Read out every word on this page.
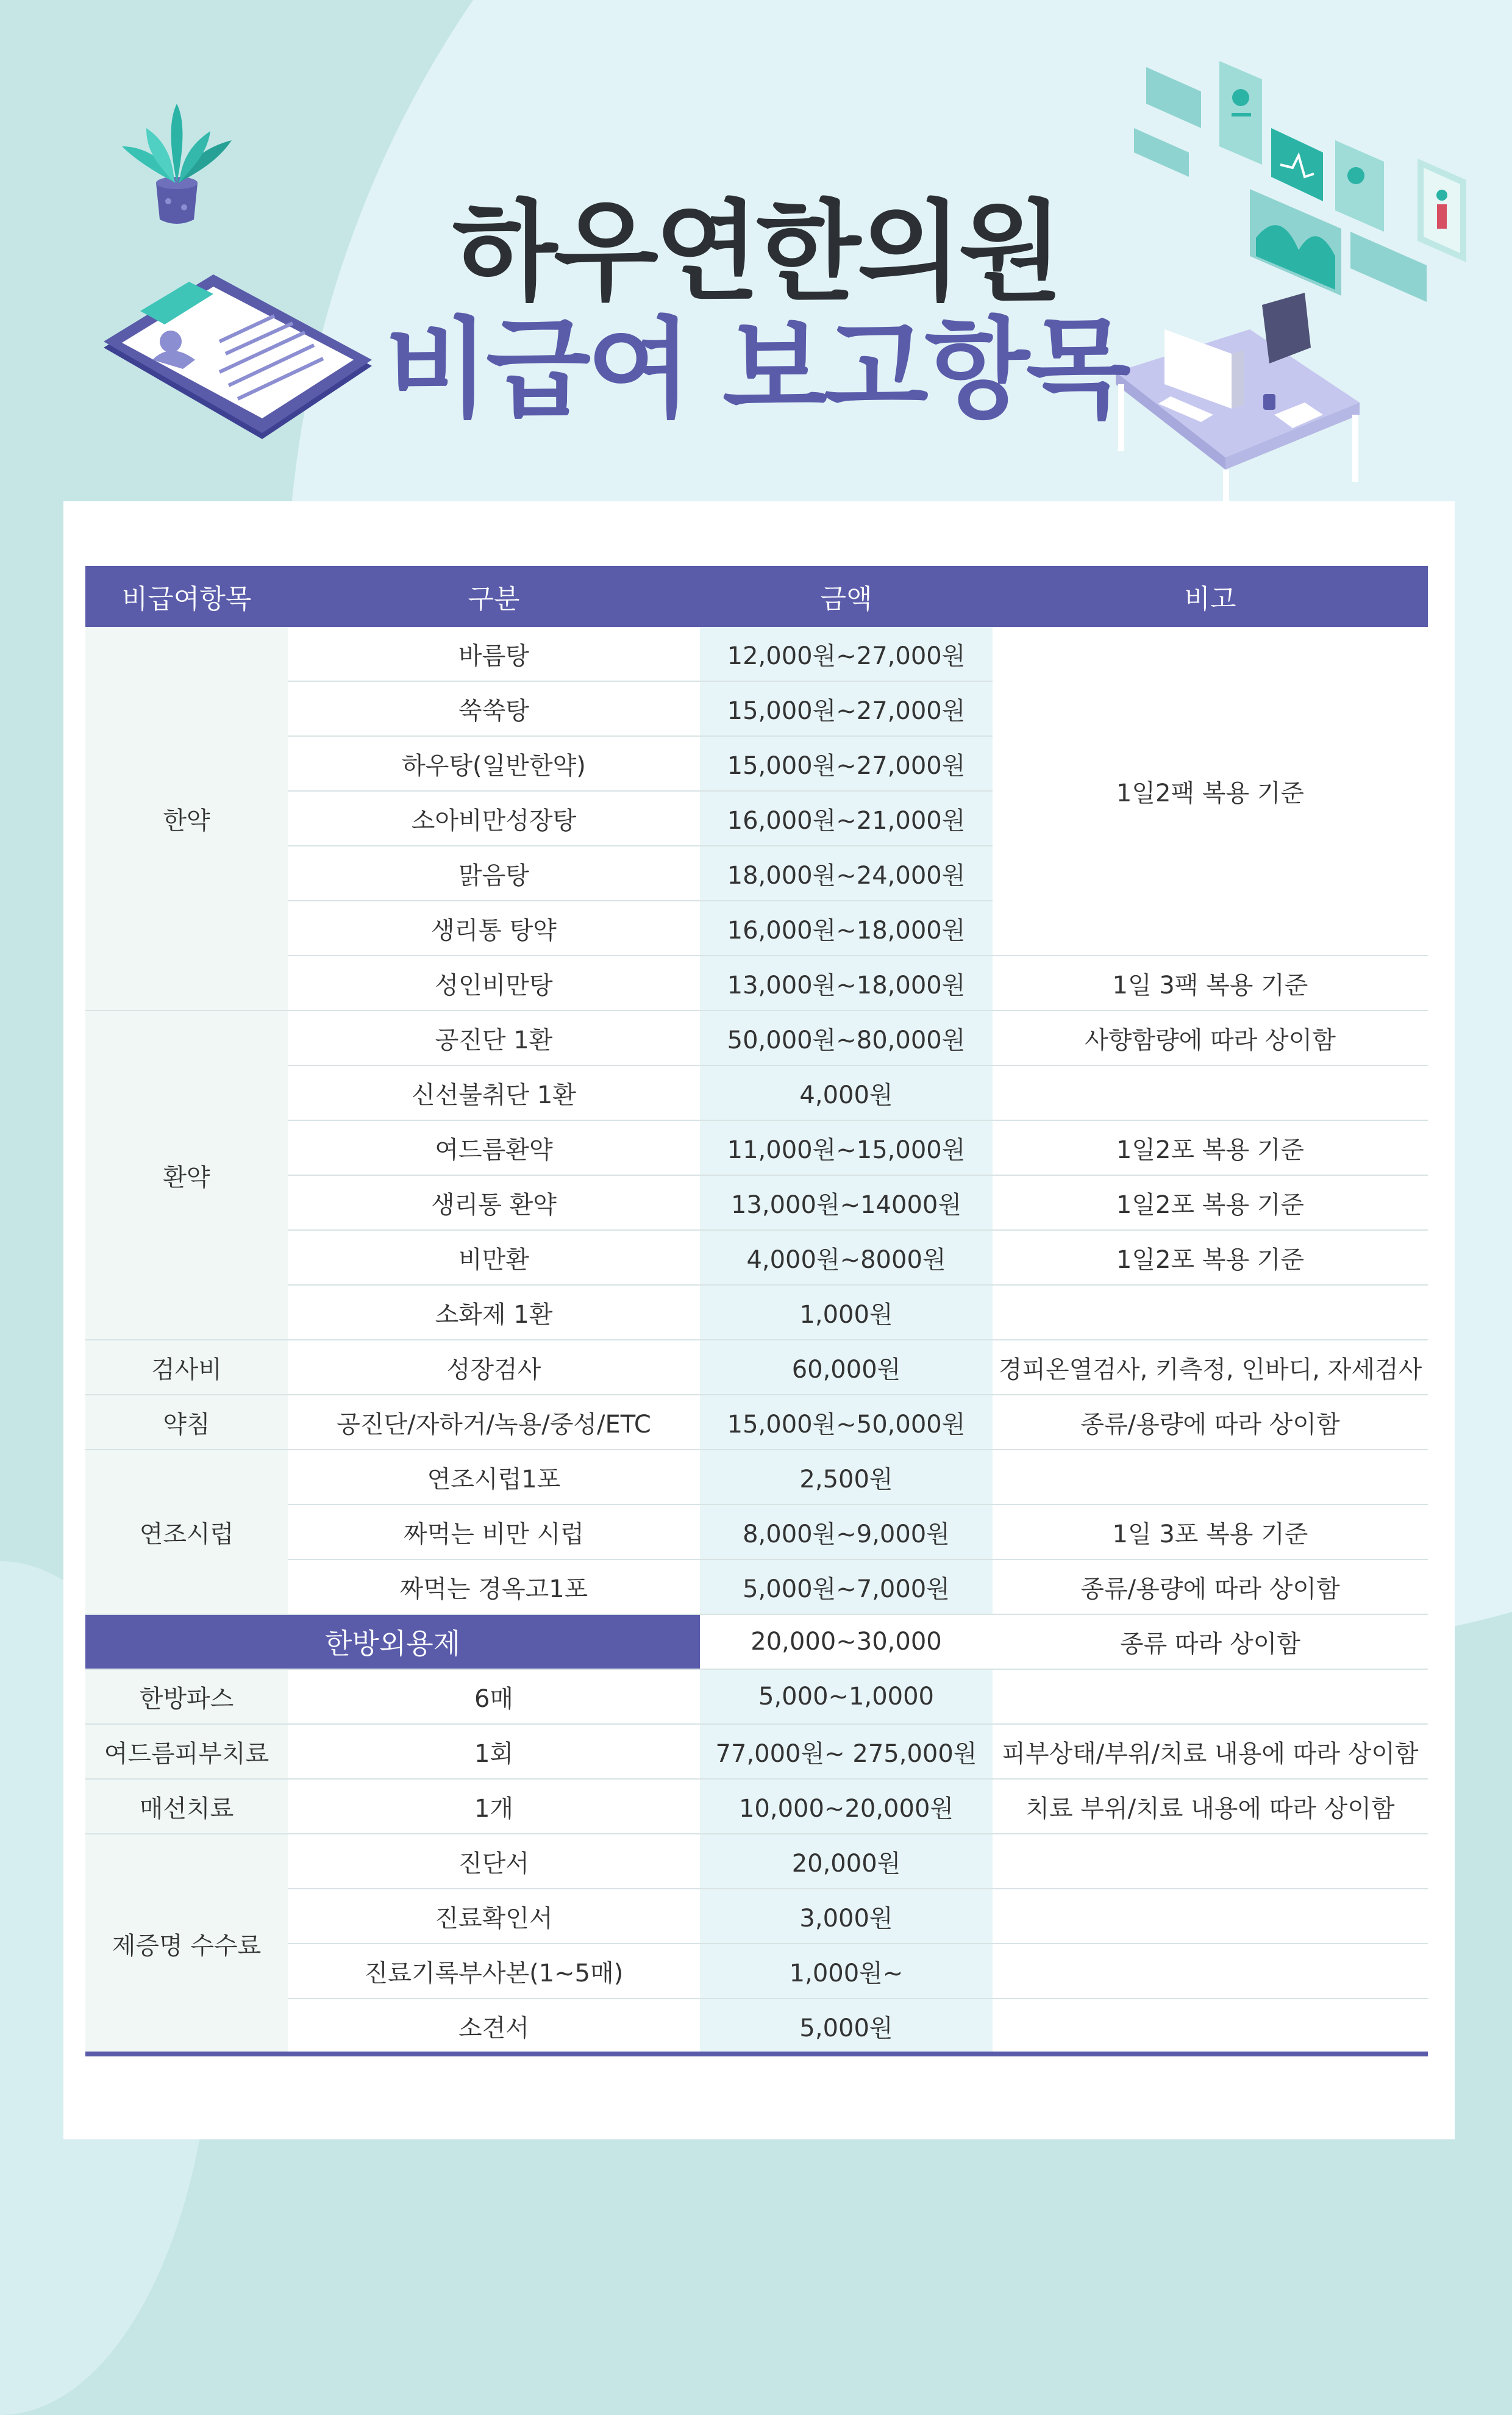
하우연한의원
비급여 보고항목
비급여항목	구분	금액	비고
한약	바름탕	12,000원~27,000원	1일2팩 복용 기준
	쑥쑥탕	15,000원~27,000원	
	하우탕(일반한약)	15,000원~27,000원	
	소아비만성장탕	16,000원~21,000원	
	맑음탕	18,000원~24,000원	
	생리통 탕약	16,000원~18,000원	
	성인비만탕	13,000원~18,000원	1일 3팩 복용 기준
환약	공진단 1환	50,000원~80,000원	사향함량에 따라 상이함
	신선불취단 1환	4,000원	
	여드름환약	11,000원~15,000원	1일2포 복용 기준
	생리통 환약	13,000원~14000원	1일2포 복용 기준
	비만환	4,000원~8000원	1일2포 복용 기준
	소화제 1환	1,000원	
검사비	성장검사	60,000원	경피온열검사, 키측정, 인바디, 자세검사
약침	공진단/자하거/녹용/중성/ETC	15,000원~50,000원	종류/용량에 따라 상이함
연조시럽	연조시럽1포	2,500원	
	짜먹는 비만 시럽	8,000원~9,000원	1일 3포 복용 기준
	짜먹는 경옥고1포	5,000원~7,000원	종류/용량에 따라 상이함
한방외용제		20,000~30,000	종류 따라 상이함
한방파스	6매	5,000~1,0000	
여드름피부치료	1회	77,000원~ 275,000원	피부상태/부위/치료 내용에 따라 상이함
매선치료	1개	10,000~20,000원	치료 부위/치료 내용에 따라 상이함
제증명 수수료	진단서	20,000원	
	진료확인서	3,000원	
	진료기록부사본(1~5매)	1,000원~	
	소견서	5,000원	
